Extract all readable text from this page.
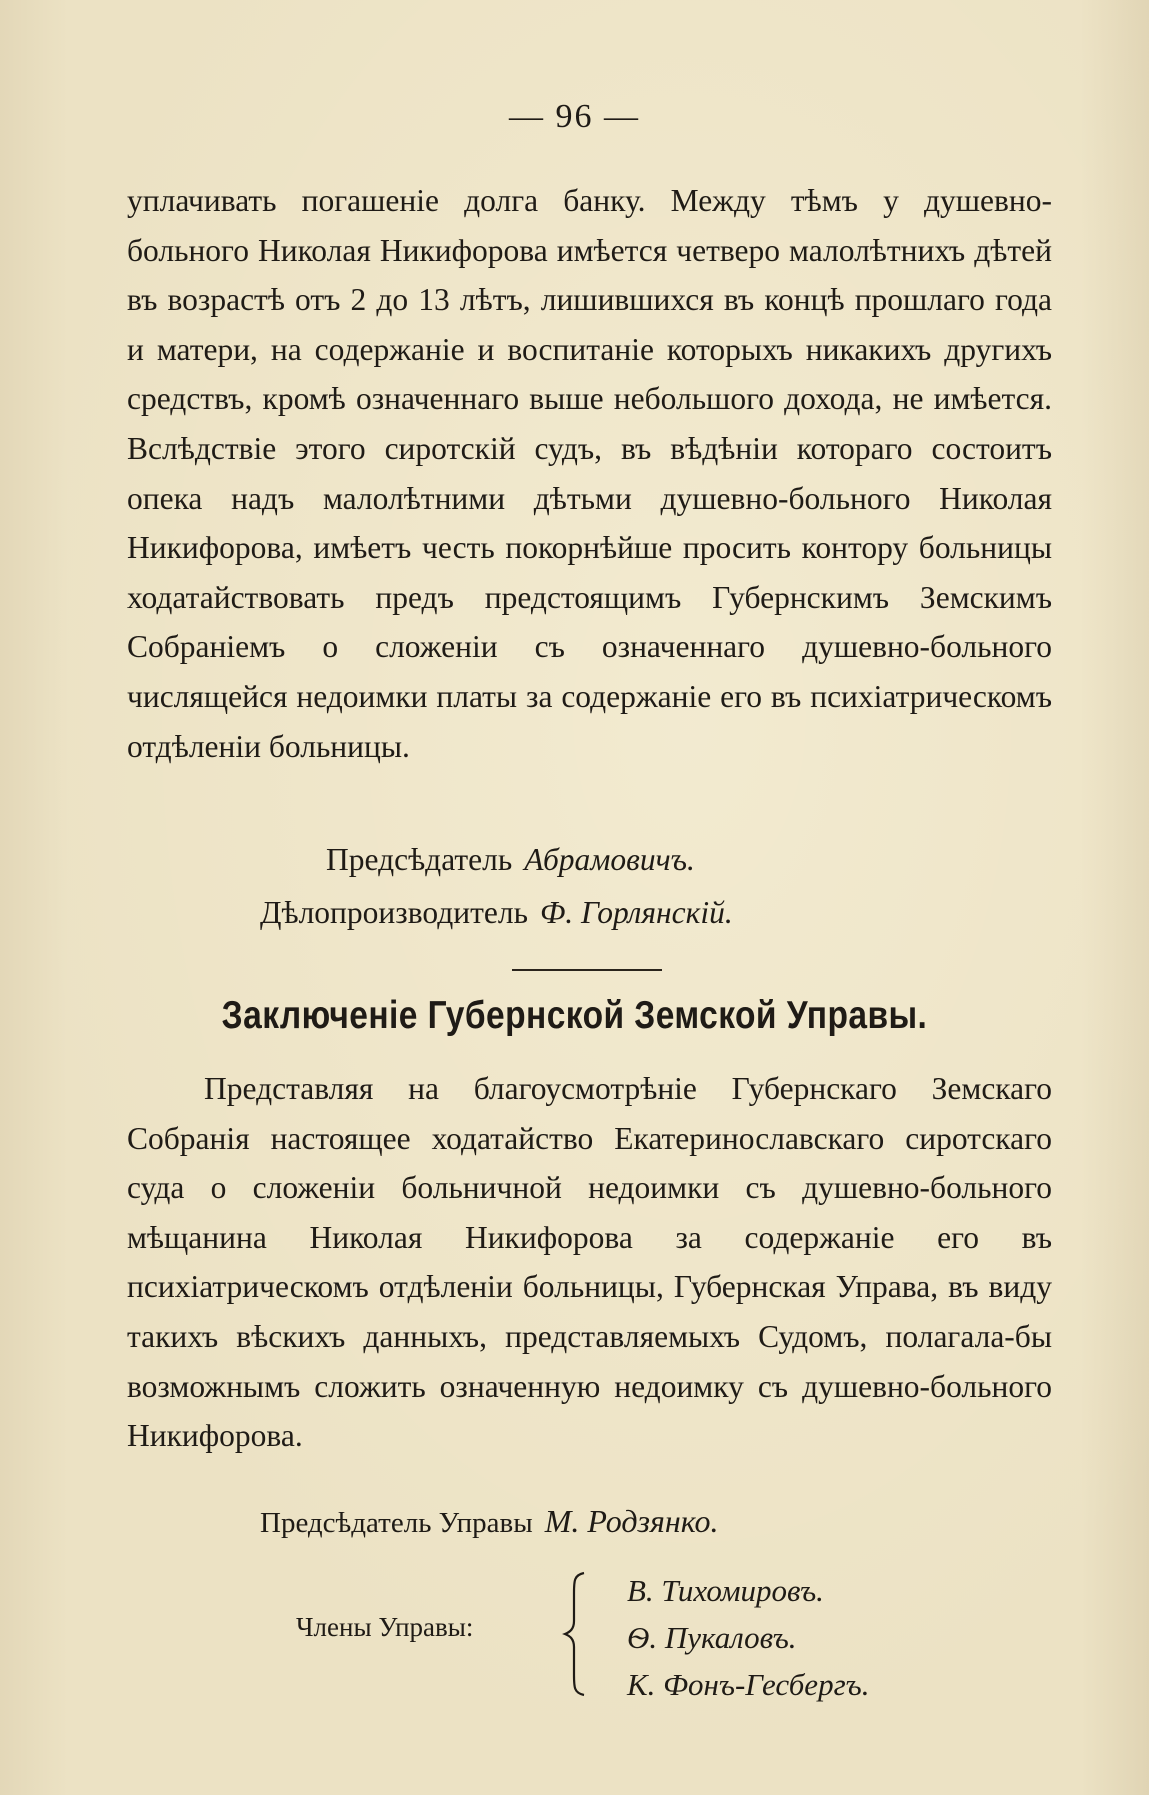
— 96 —

уплачивать погашеніе долга банку. Между тѣмъ у душевно-больного Николая Никифорова имѣется четверо малолѣтнихъ дѣтей въ возрастѣ отъ 2 до 13 лѣтъ, лишившихся въ концѣ прошлаго года и матери, на содержаніе и воспитаніе которыхъ никакихъ другихъ средствъ, кромѣ означеннаго выше небольшого дохода, не имѣется. Вслѣдствіе этого сиротскій судъ, въ вѣдѣніи котораго состоитъ опека надъ малолѣтними дѣтьми душевно-больного Николая Никифорова, имѣетъ честь покорнѣйше просить контору больницы ходатайствовать предъ предстоящимъ Губернскимъ Земскимъ Собраніемъ о сложеніи съ означеннаго душевно-больного числящейся недоимки платы за содержаніе его въ психіатрическомъ отдѣленіи больницы.

Предсѣдатель Абрамовичъ.
Дѣлопроизводитель Ф. Горлянскій.
Заключеніе Губернской Земской Управы.

Представляя на благоусмотрѣніе Губернскаго Земскаго Собранія настоящее ходатайство Екатеринославскаго сиротскаго суда о сложеніи больничной недоимки съ душевно-больного мѣщанина Николая Никифорова за содержаніе его въ психіатрическомъ отдѣленіи больницы, Губернская Управа, въ виду такихъ вѣскихъ данныхъ, представляемыхъ Судомъ, полагала-бы возможнымъ сложить означенную недоимку съ душевно-больного Никифорова.

Предсѣдатель Управы М. Родзянко.
Члены Управы:
В. Тихомировъ.
Ѳ. Пукаловъ.
К. Фонъ-Гесбергъ.
